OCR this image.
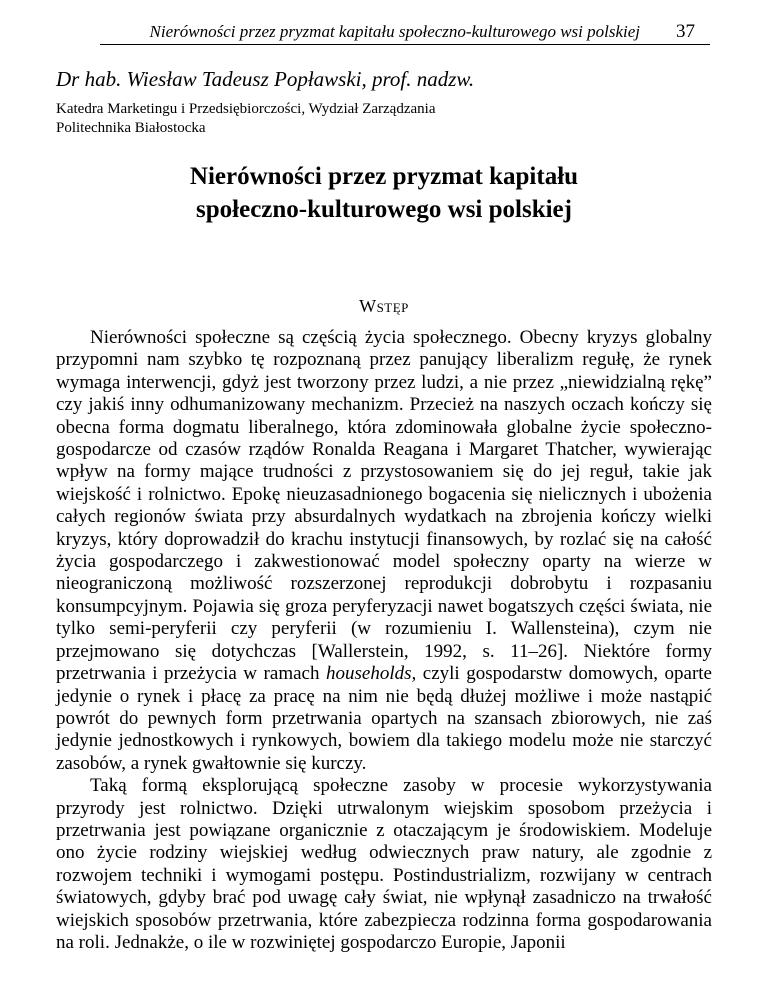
Nierówności przez pryzmat kapitału społeczno-kulturowego wsi polskiej	37
Dr hab. Wiesław Tadeusz Popławski, prof. nadzw.
Katedra Marketingu i Przedsiębiorczości, Wydział Zarządzania
Politechnika Białostocka
Nierówności przez pryzmat kapitału
społeczno-kulturowego wsi polskiej
Wstęp

Nierówności społeczne są częścią życia społecznego. Obecny kryzys globalny przypomni nam szybko tę rozpoznaną przez panujący liberalizm regułę, że rynek wymaga interwencji, gdyż jest tworzony przez ludzi, a nie przez „niewidzialną rękę” czy jakiś inny odhumanizowany mechanizm. Przecież na naszych oczach kończy się obecna forma dogmatu liberalnego, która zdominowała globalne życie społeczno-gospodarcze od czasów rządów Ronalda Reagana i Margaret Thatcher, wywierając wpływ na formy mające trudności z przystosowaniem się do jej reguł, takie jak wiejskość i rolnictwo. Epokę nieuzasadnionego bogacenia się nielicznych i ubożenia całych regionów świata przy absurdalnych wydatkach na zbrojenia kończy wielki kryzys, który doprowadził do krachu instytucji finansowych, by rozlać się na całość życia gospodarczego i zakwestionować model społeczny oparty na wierze w nieograniczoną możliwość rozszerzonej reprodukcji dobrobytu i rozpasaniu konsumpcyjnym. Pojawia się groza peryferyzacji nawet bogatszych części świata, nie tylko semi-peryferii czy peryferii (w rozumieniu I. Wallensteina), czym nie przejmowano się dotychczas [Wallerstein, 1992, s. 11–26]. Niektóre formy przetrwania i przeżycia w ramach households, czyli gospodarstw domowych, oparte jedynie o rynek i płacę za pracę na nim nie będą dłużej możliwe i może nastąpić powrót do pewnych form przetrwania opartych na szansach zbiorowych, nie zaś jedynie jednostkowych i rynkowych, bowiem dla takiego modelu może nie starczyć zasobów, a rynek gwałtownie się kurczy.

Taką formą eksplorującą społeczne zasoby w procesie wykorzystywania przyrody jest rolnictwo. Dzięki utrwalonym wiejskim sposobom przeżycia i przetrwania jest powiązane organicznie z otaczającym je środowiskiem. Modeluje ono życie rodziny wiejskiej według odwiecznych praw natury, ale zgodnie z rozwojem techniki i wymogami postępu. Postindustrializm, rozwijany w centrach światowych, gdyby brać pod uwagę cały świat, nie wpłynął zasadniczo na trwałość wiejskich sposobów przetrwania, które zabezpiecza rodzinna forma gospodarowania na roli. Jednakże, o ile w rozwiniętej gospodarczo Europie, Japonii
